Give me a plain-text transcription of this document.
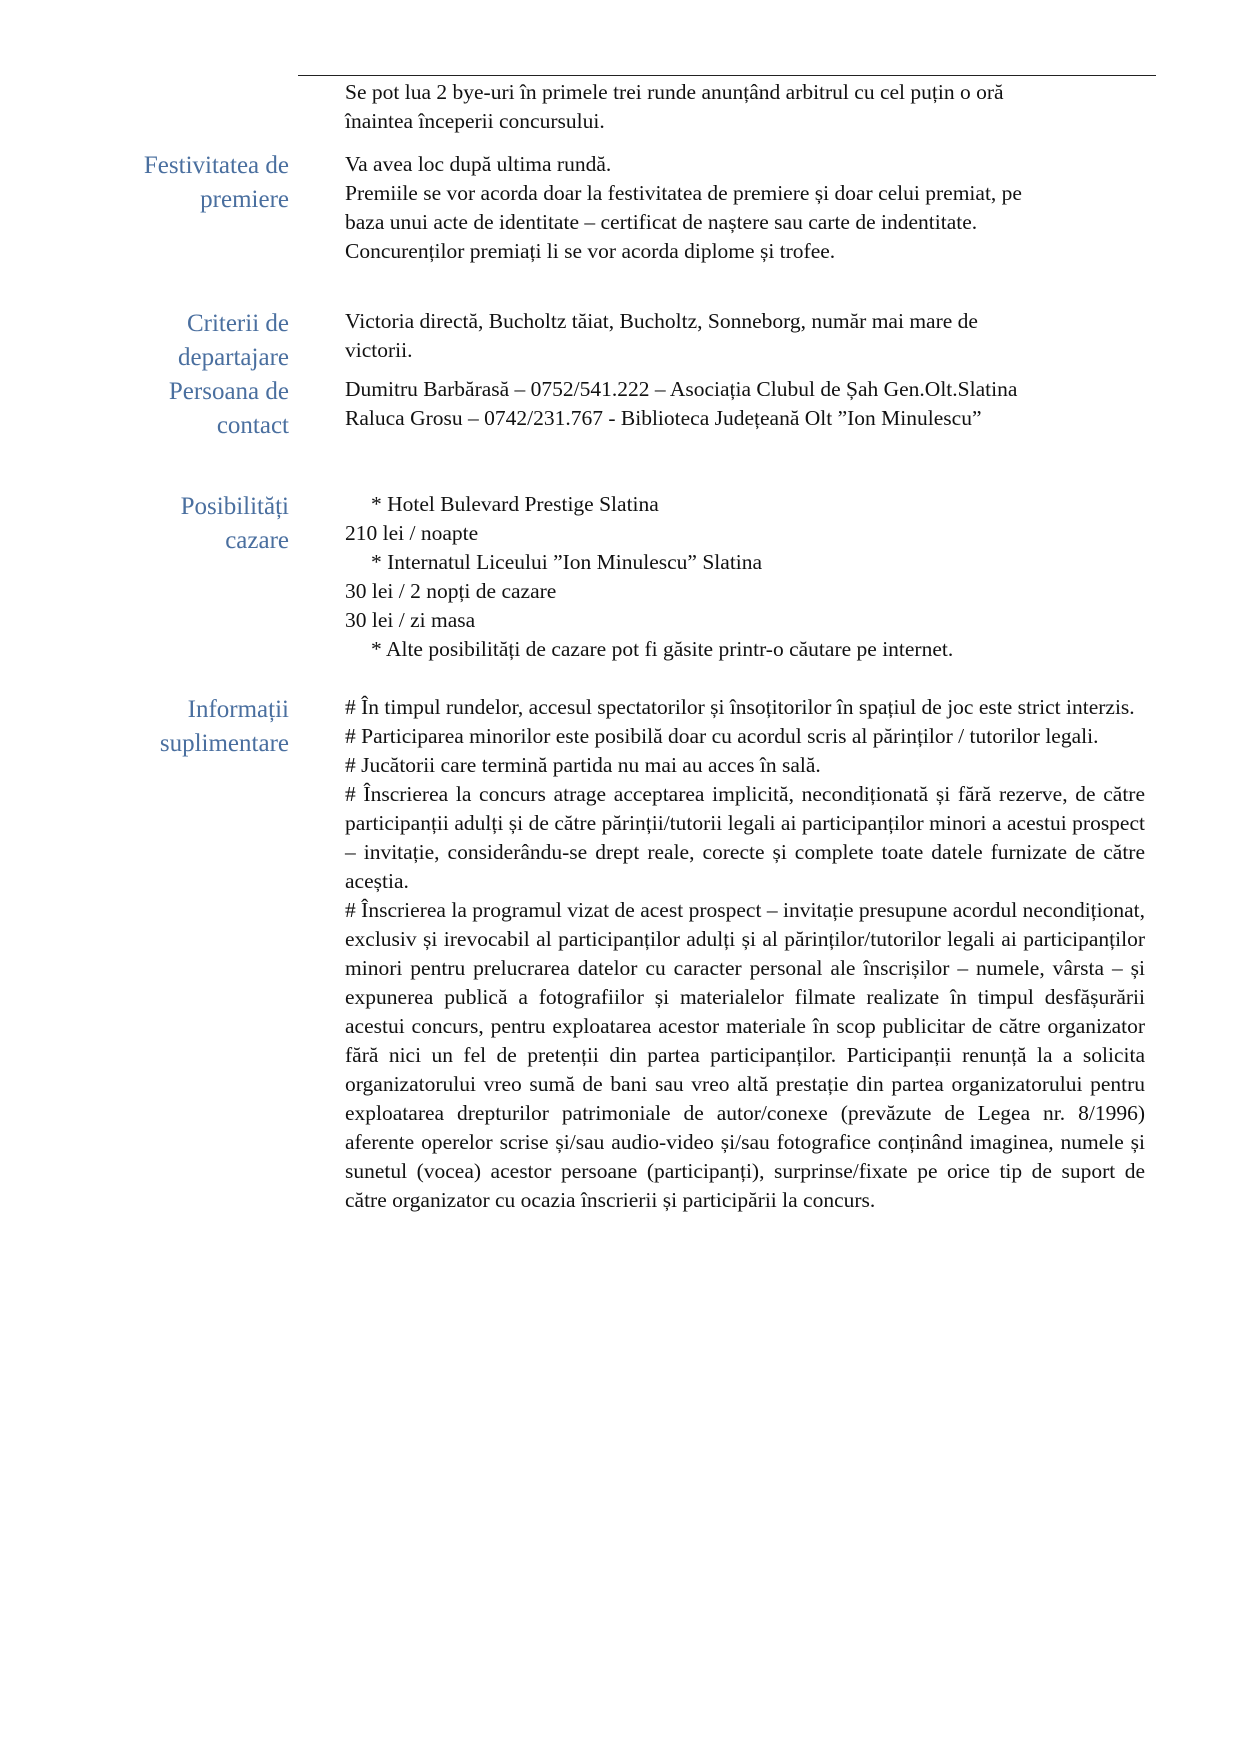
Se pot lua 2 bye-uri în primele trei runde anunțând arbitrul cu cel puțin o oră

înaintea începerii concursului.

Festivitatea de
premiere

Va avea loc după ultima rundă.

Premiile se vor acorda doar la festivitatea de premiere și doar celui premiat, pe

baza unui acte de identitate – certificat de naștere sau carte de indentitate.

Concurenților premiați li se vor acorda diplome și trofee.

Criterii de
departajare

Victoria directă, Bucholtz tăiat, Bucholtz, Sonneborg, număr mai mare de

victorii.

Persoana de
contact

Dumitru Barbărasă – 0752/541.222 – Asociația Clubul de Șah Gen.Olt.Slatina

Raluca Grosu – 0742/231.767 - Biblioteca Județeană Olt ”Ion Minulescu”

Posibilități
cazare

* Hotel Bulevard Prestige Slatina

210 lei / noapte

* Internatul Liceului ”Ion Minulescu” Slatina

30 lei / 2 nopți de cazare

30 lei / zi masa

* Alte posibilități de cazare pot fi găsite printr-o căutare pe internet.

Informații
suplimentare

# În timpul rundelor, accesul spectatorilor și însoțitorilor în spațiul de joc este strict interzis.

# Participarea minorilor este posibilă doar cu acordul scris al părinților / tutorilor legali.

# Jucătorii care termină partida nu mai au acces în sală.

# Înscrierea la concurs atrage acceptarea implicită, necondiționată și fără rezerve, de către participanții adulți și de către părinții/tutorii legali ai participanților minori a acestui prospect – invitație, considerându-se drept reale, corecte și complete toate datele furnizate de către aceștia.

# Înscrierea la programul vizat de acest prospect – invitație presupune acordul necondiționat, exclusiv și irevocabil al participanților adulți și al părinților/tutorilor legali ai participanților minori pentru prelucrarea datelor cu caracter personal ale înscrișilor – numele, vârsta – și expunerea publică a fotografiilor și materialelor filmate realizate în timpul desfășurării acestui concurs, pentru exploatarea acestor materiale în scop publicitar de către organizator fără nici un fel de pretenții din partea participanților. Participanții renunță la a solicita organizatorului vreo sumă de bani sau vreo altă prestație din partea organizatorului pentru exploatarea drepturilor patrimoniale de autor/conexe (prevăzute de Legea nr. 8/1996) aferente operelor scrise și/sau audio-video și/sau fotografice conținând imaginea, numele și sunetul (vocea) acestor persoane (participanți), surprinse/fixate pe orice tip de suport de către organizator cu ocazia înscrierii și participării la concurs.
